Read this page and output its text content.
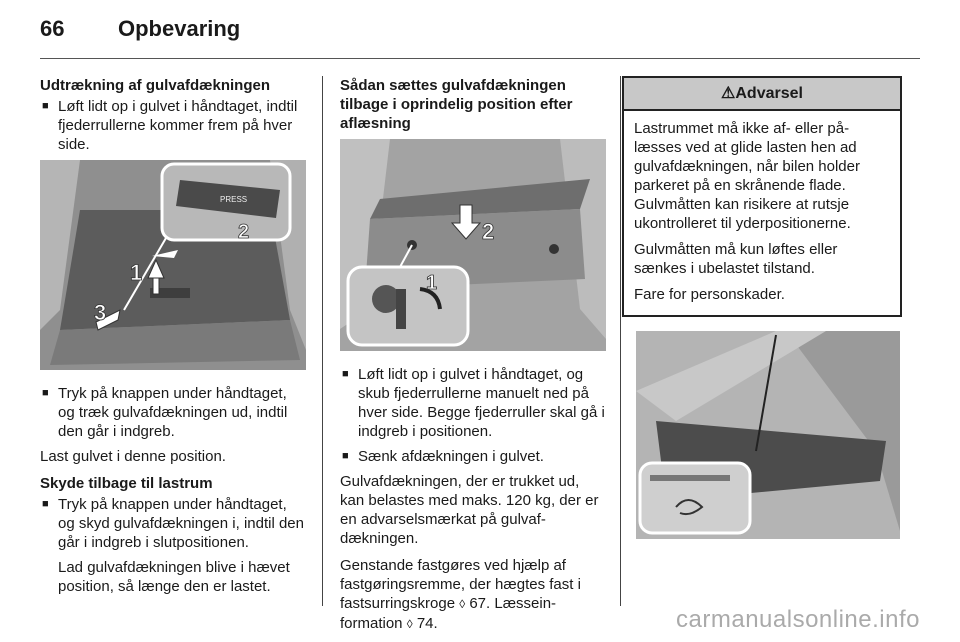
66 Opbevaring
Udtrækning af gulvafdækningen
■ Løft lidt op i gulvet i håndtaget, indtil fjederrullerne kommer frem på hver side.
PRESS
1
2
3
■ Tryk på knappen under håndtaget, og træk gulvafdækningen ud, indtil den går i indgreb.
Last gulvet i denne position.
Skyde tilbage til lastrum
■ Tryk på knappen under håndtaget, og skyd gulvafdækningen i, indtil den går i indgreb i slutpositionen.
Lad gulvafdækningen blive i hævet position, så længe den er lastet.
Sådan sættes gulvafdækningen tilbage i oprindelig position efter aflæsning
2
1
■ Løft lidt op i gulvet i håndtaget, og skub fjederrullerne manuelt ned på hver side. Begge fjederruller skal gå i indgreb i positionen.
■ Sænk afdækningen i gulvet.
Gulvafdækningen, der er trukket ud, kan belastes med maks. 120 kg, der er en advarselsmærkat på gulvaf-dækningen.
Genstande fastgøres ved hjælp af fastgøringsremme, der hægtes fast i fastsurringskroge ◊ 67. Læssein-formation ◊ 74.
⚠Advarsel

Lastrummet må ikke af- eller på-læsses ved at glide lasten hen ad gulvafdækningen, når bilen holder parkeret på en skrånende flade. Gulvmåtten kan risikere at rutsje ukontrolleret til yderpositionerne.

Gulvmåtten må kun løftes eller sænkes i ubelastet tilstand.

Fare for personskader.

carmanualsonline.info
